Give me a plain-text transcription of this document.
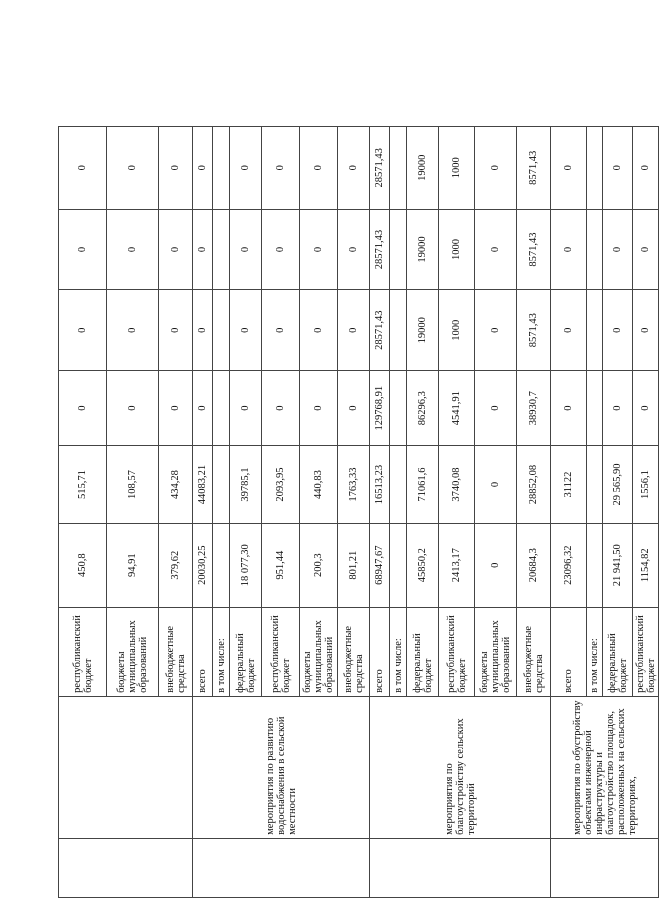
		республиканский бюджет	450,8	515,71	0	0	0	0
		бюджеты муниципальных образований	94,91	108,57	0	0	0	0
		внебюджетные средства	379,62	434,28	0	0	0	0
	мероприятия по развитию водоснабжения в сельской местности	всего	20030,25	44083,21	0	0	0	0
		в том числе:						
		федеральный бюджет	18 077,30	39785,1	0	0	0	0
		республиканский бюджет	951,44	2093,95	0	0	0	0
		бюджеты муниципальных образований	200,3	440,83	0	0	0	0
		внебюджетные средства	801,21	1763,33	0	0	0	0
	мероприятия по благоустройству сельских территорий	всего	68947,67	16513,23	129768,91	28571,43	28571,43	28571,43
		в том числе:						
		федеральный бюджет	45850,2	71061,6	86296,3	19000	19000	19000
		республиканский бюджет	2413,17	3740,08	4541,91	1000	1000	1000
		бюджеты муниципальных образований	0	0	0	0	0	0
		внебюджетные средства	20684,3	28852,08	38930,7	8571,43	8571,43	8571,43
	мероприятия по обустройству объектами инженерной инфраструктуры и благоустройство площадок, расположенных на сельских территориях,	всего	23096,32	31122	0	0	0	0
		в том числе:						
		федеральный бюджет	21 941,50	29 565,90	0	0	0	0
		республиканский бюджет	1154,82	1556,1	0	0	0	0
